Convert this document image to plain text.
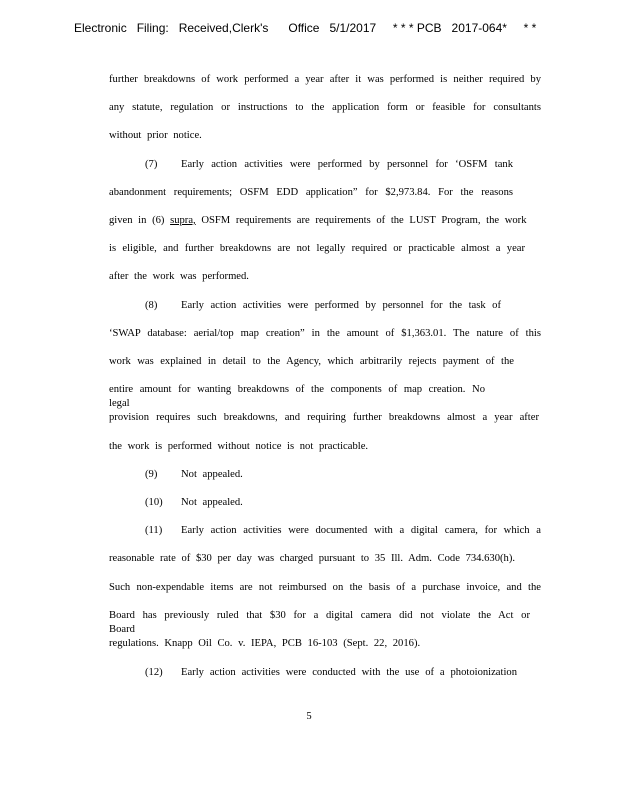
Electronic   Filing:   Received,Clerk's      Office   5/1/2017     * * * PCB   2017-064*     * *
further breakdowns of work performed a year after it was performed is neither required by
any statute, regulation or instructions to the application form or feasible for consultants
without prior notice.
(7) Early action activities were performed by personnel for ‘OSFM tank
abandonment requirements; OSFM EDD application” for $2,973.84. For the reasons
given in (6) supra, OSFM requirements are requirements of the LUST Program, the work
is eligible, and further breakdowns are not legally required or practicable almost a year
after the work was performed.
(8) Early action activities were performed by personnel for the task of
‘SWAP database: aerial/top map creation” in the amount of $1,363.01. The nature of this
work was explained in detail to the Agency, which arbitrarily rejects payment of the
entire amount for wanting breakdowns of the components of map creation. No legal
provision requires such breakdowns, and requiring further breakdowns almost a year after
the work is performed without notice is not practicable.
(9) Not appealed.
(10) Not appealed.
(11) Early action activities were documented with a digital camera, for which a
reasonable rate of $30 per day was charged pursuant to 35 Ill. Adm. Code 734.630(h).
Such non-expendable items are not reimbursed on the basis of a purchase invoice, and the
Board has previously ruled that $30 for a digital camera did not violate the Act or Board
regulations. Knapp Oil Co. v. IEPA, PCB 16-103 (Sept. 22, 2016).
(12) Early action activities were conducted with the use of a photoionization
5
